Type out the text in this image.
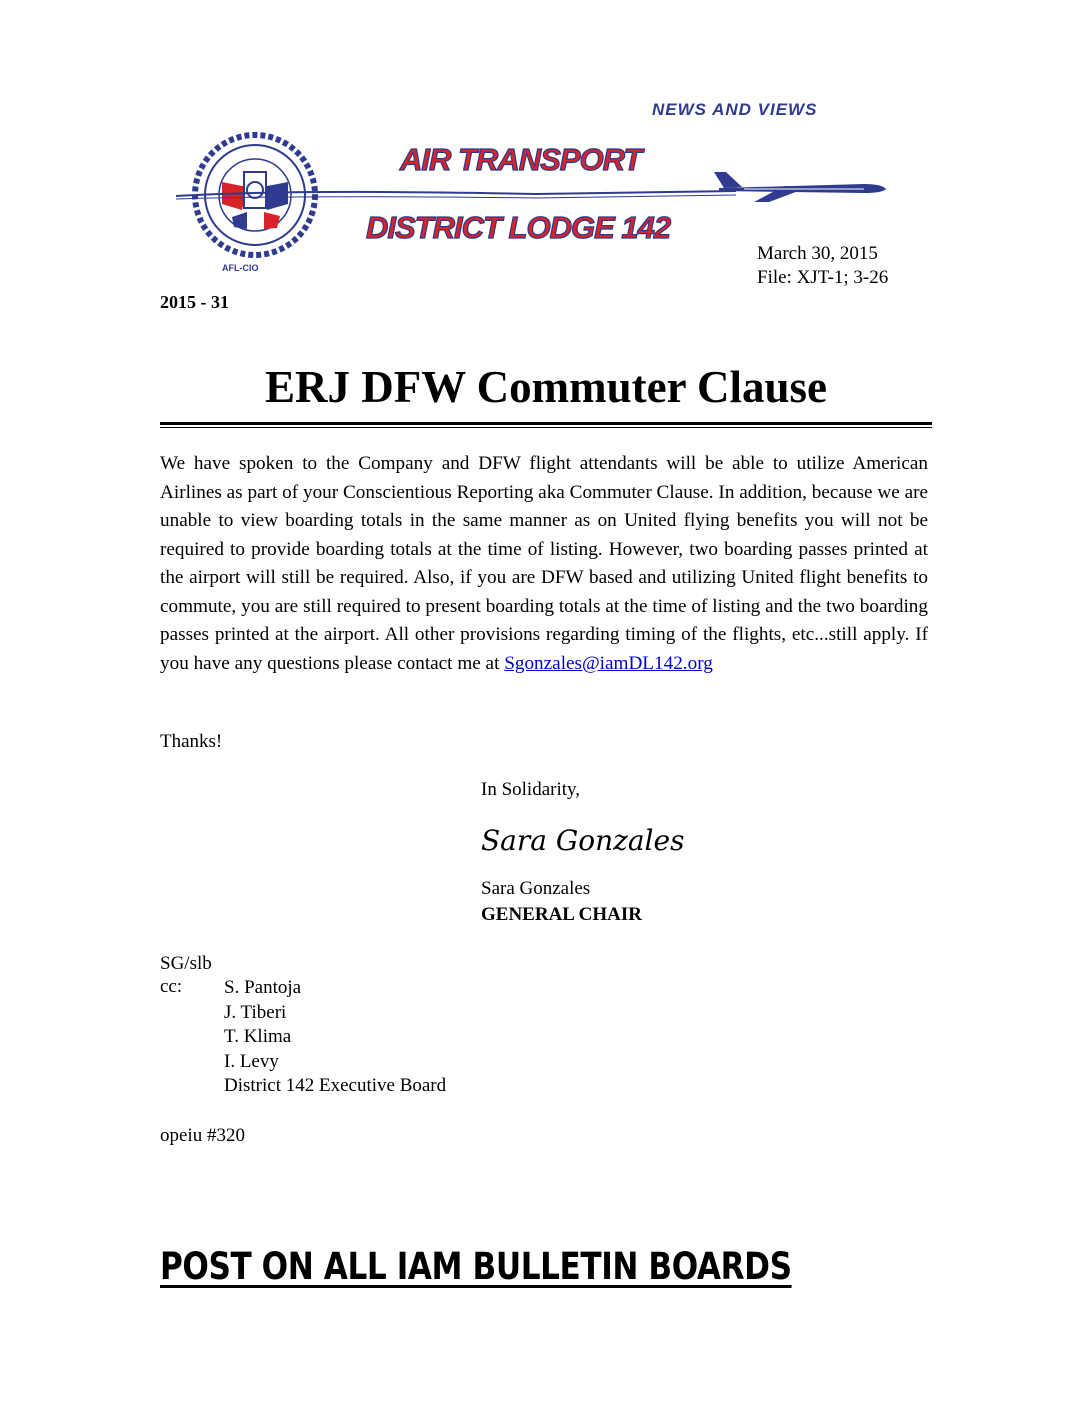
NEWS AND VIEWS
AFL-CIO
AIR TRANSPORT
DISTRICT LODGE 142
March 30, 2015
File: XJT-1; 3-26
2015 - 31
ERJ DFW Commuter Clause
We have spoken to the Company and DFW flight attendants will be able to utilize American Airlines as part of your Conscientious Reporting aka Commuter Clause. In addition, because we are unable to view boarding totals in the same manner as on United flying benefits you will not be required to provide boarding totals at the time of listing. However, two boarding passes printed at the airport will still be required. Also, if you are DFW based and utilizing United flight benefits to commute, you are still required to present boarding totals at the time of listing and the two boarding passes printed at the airport. All other provisions regarding timing of the flights, etc...still apply. If you have any questions please contact me at Sgonzales@iamDL142.org
Thanks!
In Solidarity,
Sara Gonzales
Sara Gonzales
GENERAL CHAIR
SG/slb
cc: S. Pantoja
J. Tiberi
T. Klima
I. Levy
District 142 Executive Board
opeiu #320
POST ON ALL IAM BULLETIN BOARDS
